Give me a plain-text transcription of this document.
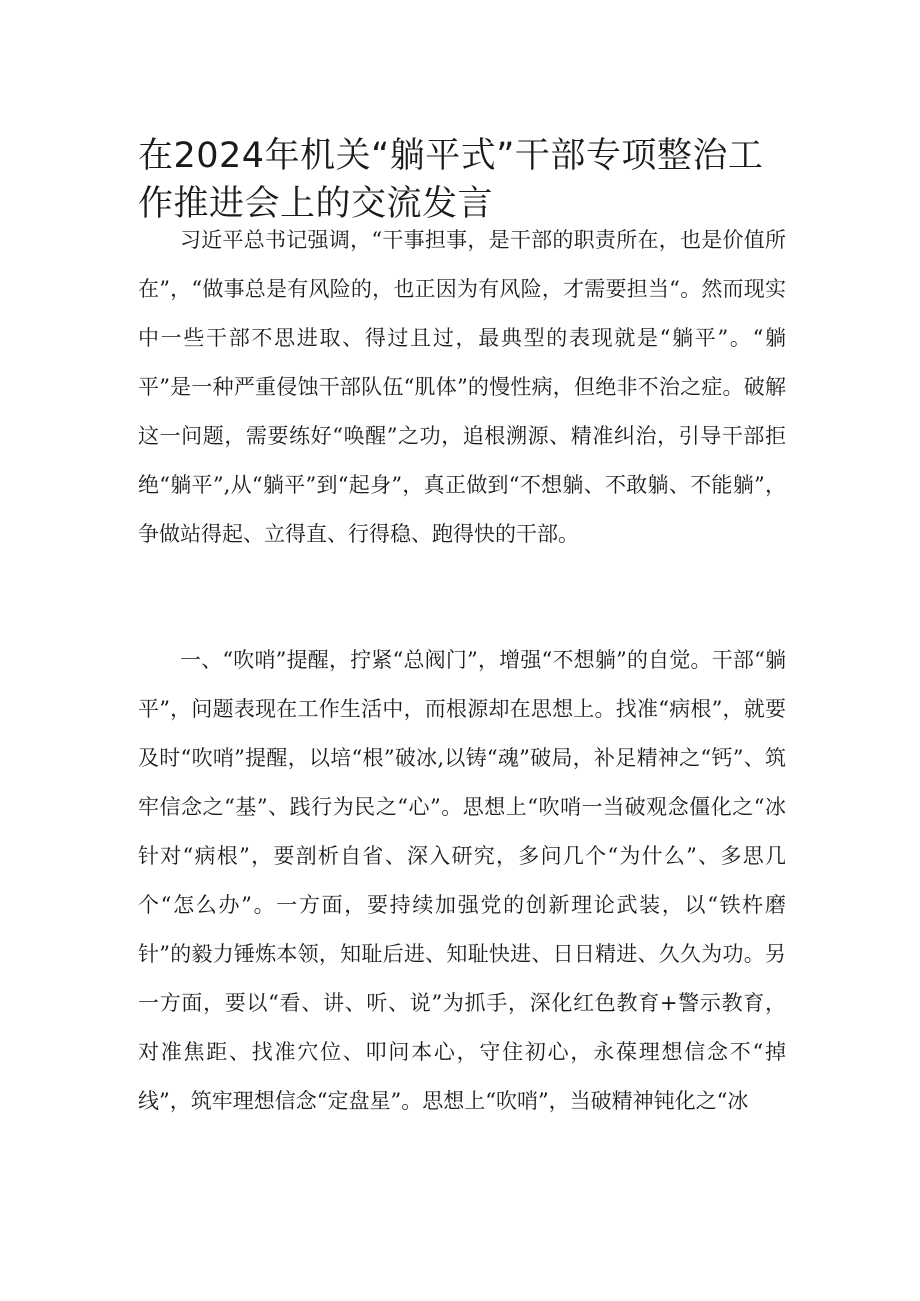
在2024年机关“躺平式”干部专项整治工作推进会上的交流发言

习近平总书记强调，“干事担事，是干部的职责所在，也是价值所在”，“做事总是有风险的，也正因为有风险，才需要担当“。然而现实中一些干部不思进取、得过且过，最典型的表现就是“躺平”。“躺平”是一种严重侵蚀干部队伍“肌体”的慢性病，但绝非不治之症。破解这一问题，需要练好“唤醒”之功，追根溯源、精准纠治，引导干部拒绝“躺平”,从“躺平”到“起身”，真正做到“不想躺、不敢躺、不能躺”，争做站得起、立得直、行得稳、跑得快的干部。

一、“吹哨”提醒，拧紧“总阀门”，增强“不想躺”的自觉。干部“躺平”，问题表现在工作生活中，而根源却在思想上。找准“病根”，就要及时“吹哨”提醒，以培“根”破冰,以铸“魂”破局，补足精神之“钙”、筑牢信念之“基”、践行为民之“心”。思想上“吹哨一当破观念僵化之“冰针对“病根”，要剖析自省、深入研究，多问几个“为什么”、多思几个“怎么办”。一方面，要持续加强党的创新理论武装，以“铁杵磨针”的毅力锤炼本领，知耻后进、知耻快进、日日精进、久久为功。另一方面，要以“看、讲、听、说”为抓手，深化红色教育+警示教育，对准焦距、找准穴位、叩问本心，守住初心，永葆理想信念不“掉线”，筑牢理想信念“定盘星”。思想上“吹哨”，当破精神钝化之“冰
